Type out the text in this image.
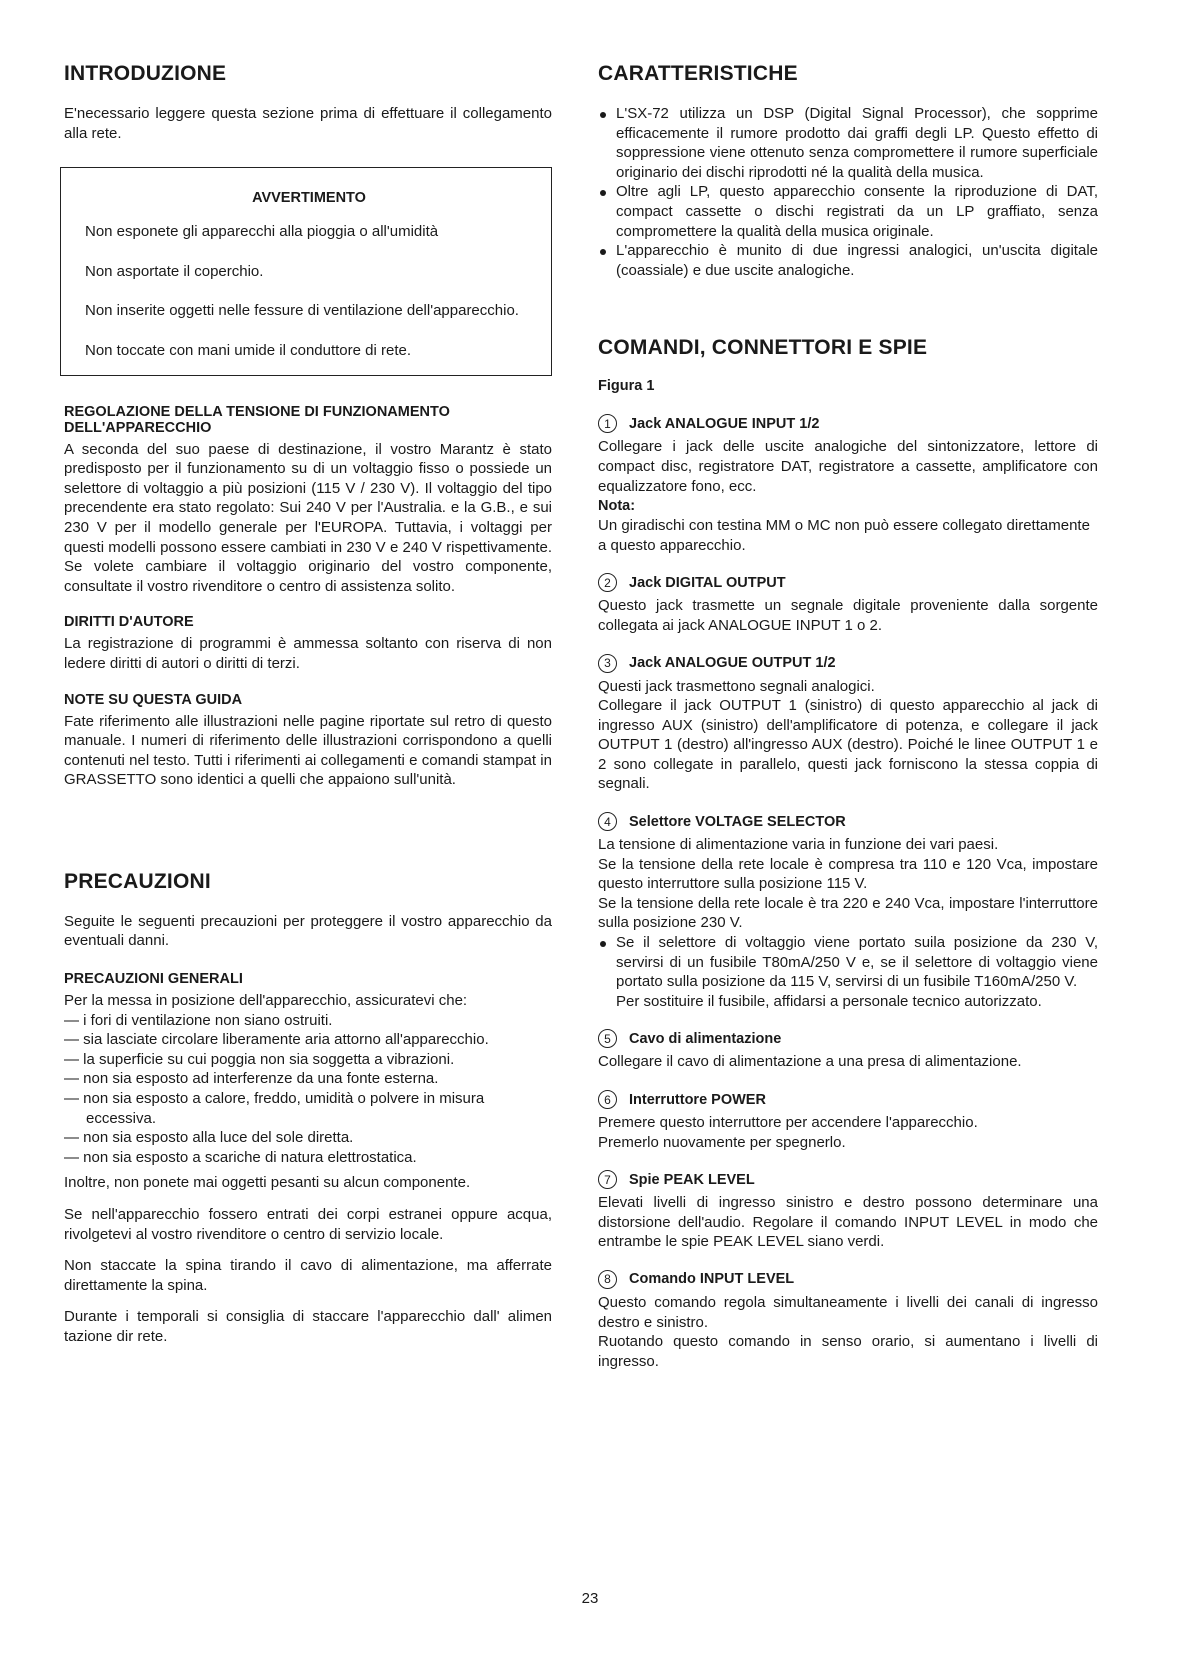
INTRODUZIONE

E'necessario leggere questa sezione prima di effettuare il collegamento alla rete.

AVVERTIMENTO

Non esponete gli apparecchi alla pioggia o all'umidità

Non asportate il coperchio.

Non inserite oggetti nelle fessure di ventilazione dell'apparecchio.

Non toccate con mani umide il conduttore di rete.

REGOLAZIONE DELLA TENSIONE DI FUNZIONAMENTO DELL'APPARECCHIO

A seconda del suo paese di destinazione, il vostro Marantz è stato predisposto per il funzionamento su di un voltaggio fisso o possiede un selettore di voltaggio a più posizioni (115 V / 230 V). Il voltaggio del tipo precendente era stato regolato: Sui 240 V per l'Australia. e la G.B., e sui 230 V per il modello generale per l'EUROPA. Tuttavia, i voltaggi per questi modelli possono essere cambiati in 230 V e 240 V rispettivamente. Se volete cambiare il voltaggio originario del vostro componente, consultate il vostro rivenditore o centro di assistenza solito.

DIRITTI D'AUTORE

La registrazione di programmi è ammessa soltanto con riserva di non ledere diritti di autori o diritti di terzi.

NOTE SU QUESTA GUIDA

Fate riferimento alle illustrazioni nelle pagine riportate sul retro di questo manuale. I numeri di riferimento delle illustrazioni corrispondono a quelli contenuti nel testo. Tutti i riferimenti ai collegamenti e comandi stampat in GRASSETTO sono identici a quelli che appaiono sull'unità.

PRECAUZIONI

Seguite le seguenti precauzioni per proteggere il vostro apparecchio da eventuali danni.

PRECAUZIONI GENERALI

Per la messa in posizione dell'apparecchio, assicuratevi che:

— i fori di ventilazione non siano ostruiti.
— sia lasciate circolare liberamente aria attorno all'apparecchio.
— la superficie su cui poggia non sia soggetta a vibrazioni.
— non sia esposto ad interferenze da una fonte esterna.
— non sia esposto a calore, freddo, umidità o polvere in misura eccessiva.
— non sia esposto alla luce del sole diretta.
— non sia esposto a scariche di natura elettrostatica.

Inoltre, non ponete mai oggetti pesanti su alcun componente.

Se nell'apparecchio fossero entrati dei corpi estranei oppure acqua, rivolgetevi al vostro rivenditore o centro di servizio locale.

Non staccate la spina tirando il cavo di alimentazione, ma afferrate direttamente la spina.

Durante i temporali si consiglia di staccare l'apparecchio dall' alimen tazione dir rete.

CARATTERISTICHE
L'SX-72 utilizza un DSP (Digital Signal Processor), che sopprime efficacemente il rumore prodotto dai graffi degli LP. Questo effetto di soppressione viene ottenuto senza compromettere il rumore superficiale originario dei dischi riprodotti né la qualità della musica.
Oltre agli LP, questo apparecchio consente la riproduzione di DAT, compact cassette o dischi registrati da un LP graffiato, senza compromettere la qualità della musica originale.
L'apparecchio è munito di due ingressi analogici, un'uscita digitale (coassiale) e due uscite analogiche.
COMANDI, CONNETTORI E SPIE
Figura 1
1	Jack ANALOGUE INPUT 1/2

Collegare i jack delle uscite analogiche del sintonizzatore, lettore di compact disc, registratore DAT, registratore a cassette, amplificatore con equalizzatore fono, ecc.

Nota:

Un giradischi con testina MM o MC non può essere collegato direttamente a questo apparecchio.

2	Jack DIGITAL OUTPUT

Questo jack trasmette un segnale digitale proveniente dalla sorgente collegata ai jack ANALOGUE INPUT 1 o 2.

3	Jack ANALOGUE OUTPUT 1/2

Questi jack trasmettono segnali analogici.

Collegare il jack OUTPUT 1 (sinistro) di questo apparecchio al jack di ingresso AUX (sinistro) dell'amplificatore di potenza, e collegare il jack OUTPUT 1 (destro) all'ingresso AUX (destro). Poiché le linee OUTPUT 1 e 2 sono collegate in parallelo, questi jack forniscono la stessa coppia di segnali.

4	Selettore VOLTAGE SELECTOR

La tensione di alimentazione varia in funzione dei vari paesi.

Se la tensione della rete locale è compresa tra 110 e 120 Vca, impostare questo interruttore sulla posizione 115 V.

Se la tensione della rete locale è tra 220 e 240 Vca, impostare l'interruttore sulla posizione 230 V.

Se il selettore di voltaggio viene portato suila posizione da 230 V, servirsi di un fusibile T80mA/250 V e, se il selettore di voltaggio viene portato sulla posizione da 115 V, servirsi di un fusibile T160mA/250 V.

Per sostituire il fusibile, affidarsi a personale tecnico autorizzato.

5	Cavo di alimentazione

Collegare il cavo di alimentazione a una presa di alimentazione.

6	Interruttore POWER

Premere questo interruttore per accendere l'apparecchio.

Premerlo nuovamente per spegnerlo.

7	Spie PEAK LEVEL

Elevati livelli di ingresso sinistro e destro possono determinare una distorsione dell'audio. Regolare il comando INPUT LEVEL in modo che entrambe le spie PEAK LEVEL siano verdi.

8	Comando INPUT LEVEL

Questo comando regola simultaneamente i livelli dei canali di ingresso destro e sinistro.

Ruotando questo comando in senso orario, si aumentano i livelli di ingresso.

23
